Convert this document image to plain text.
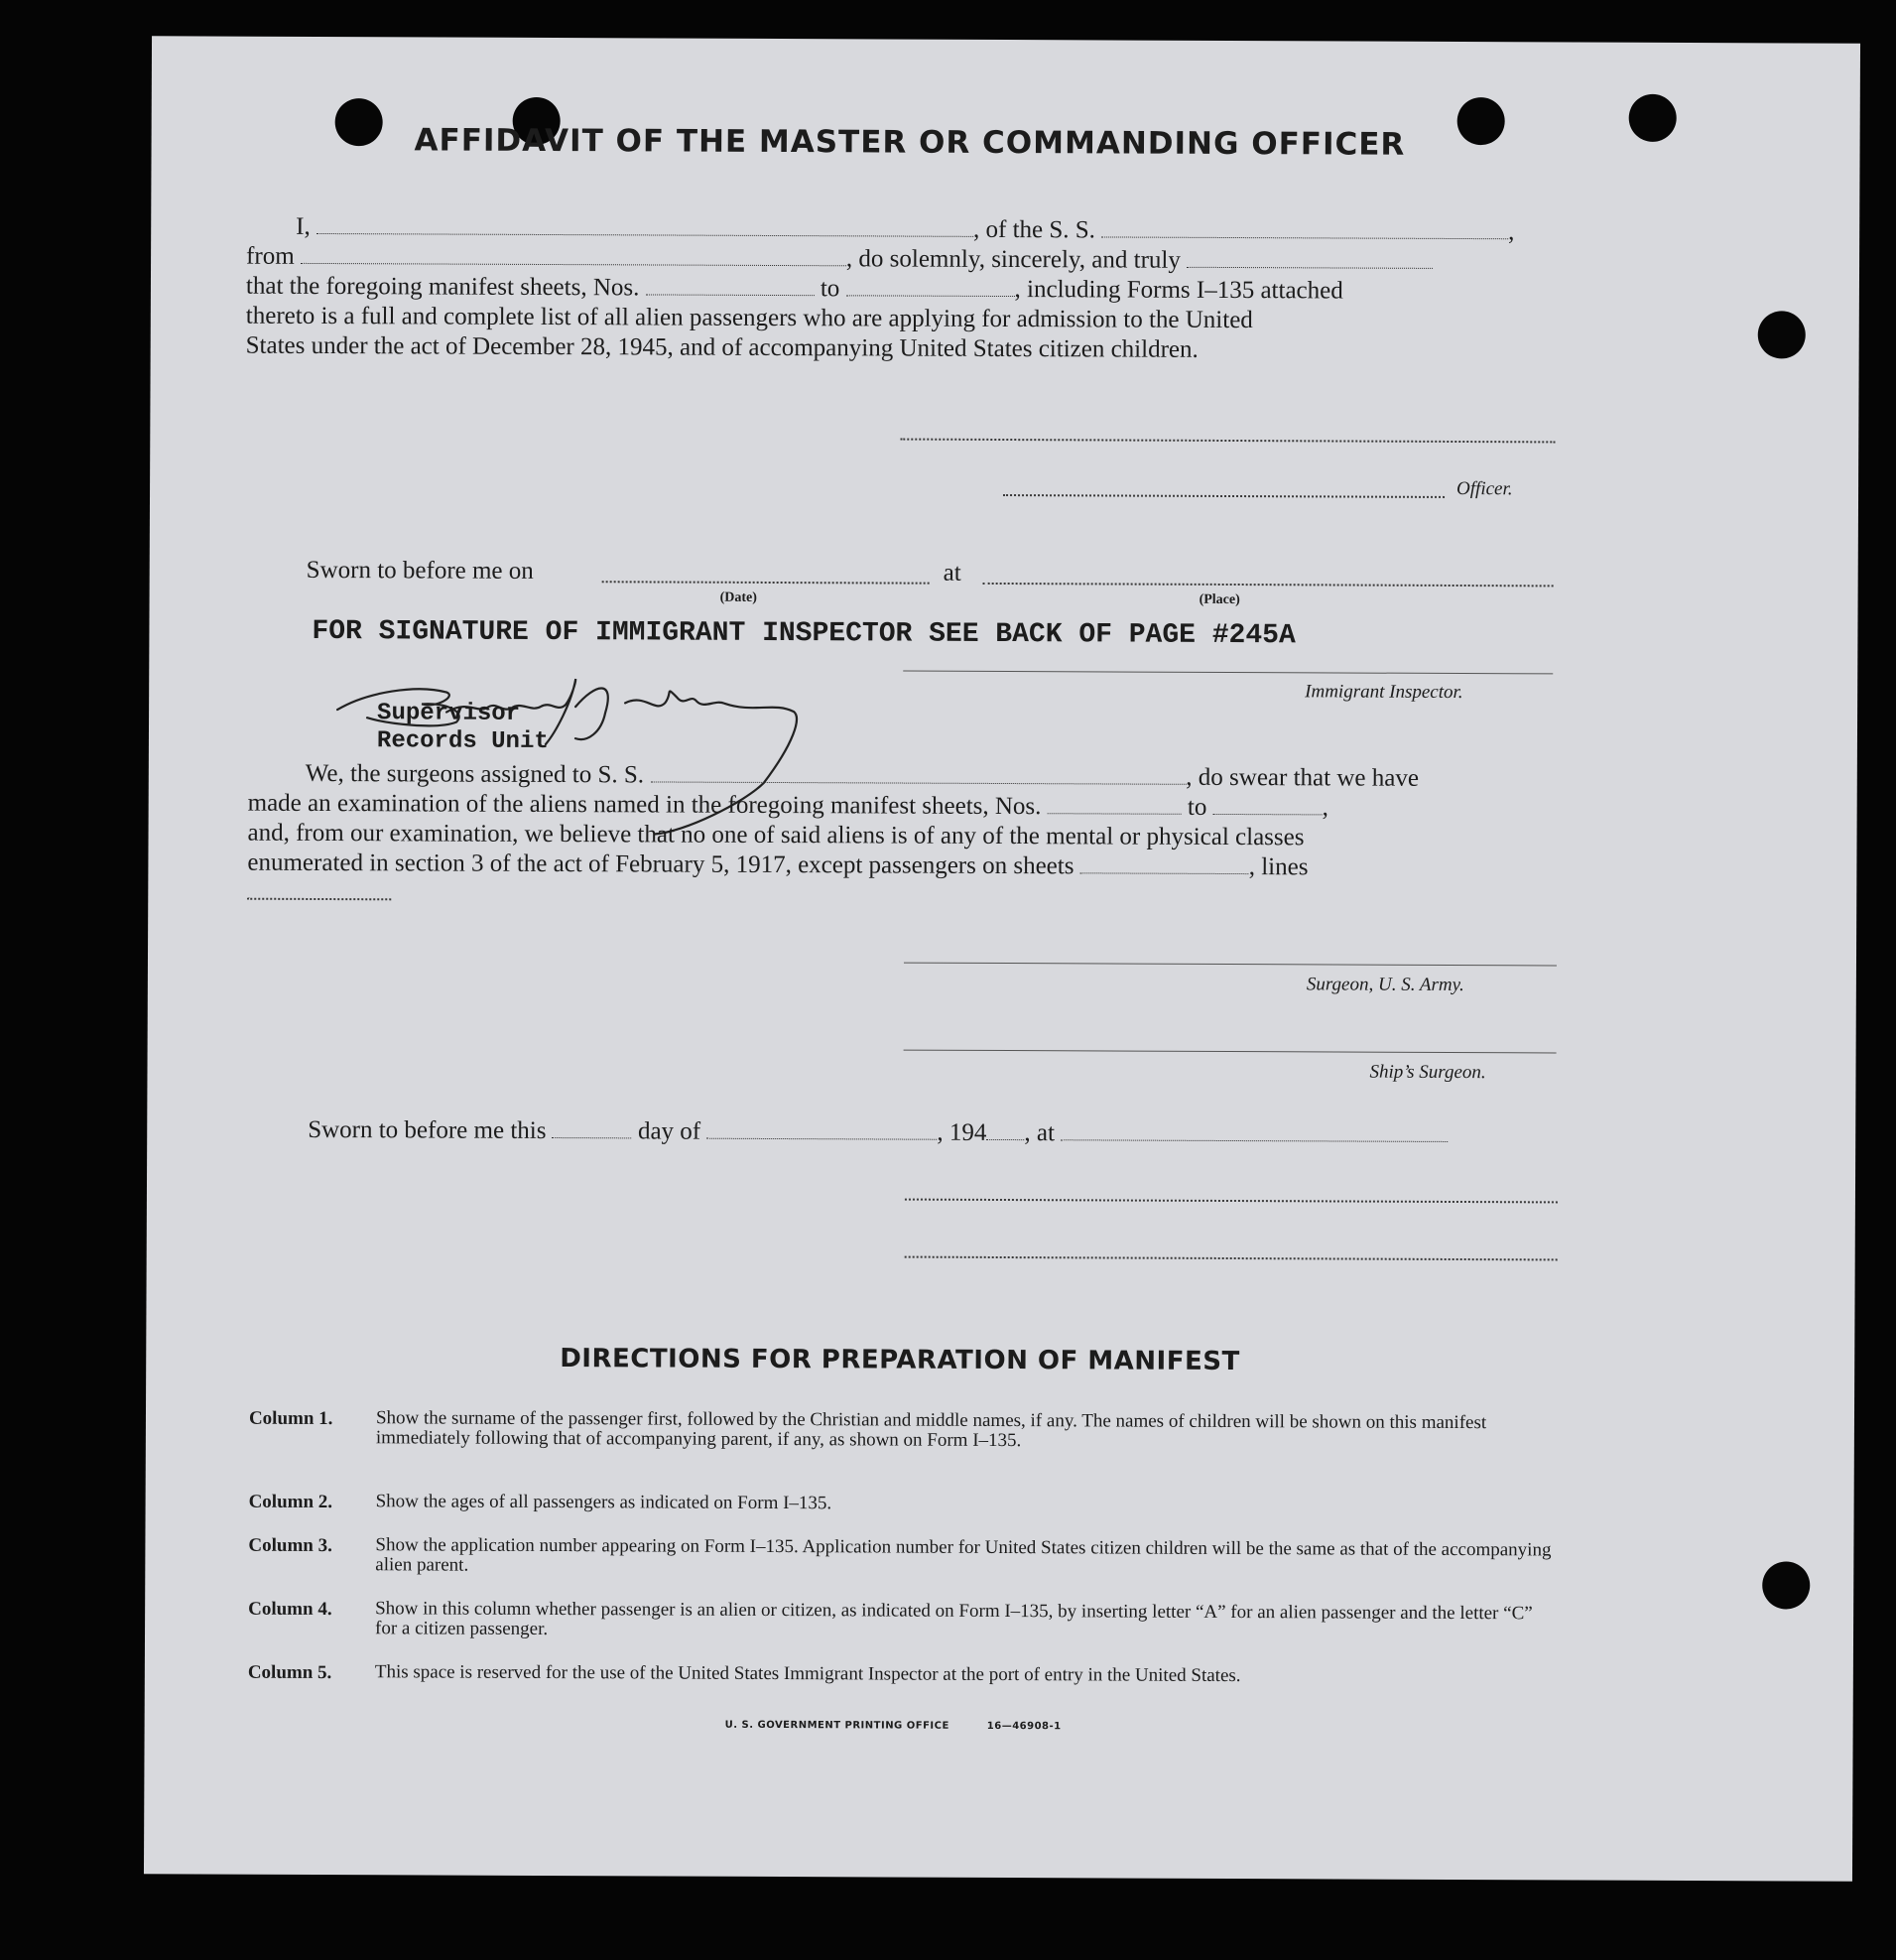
AFFIDAVIT OF THE MASTER OR COMMANDING OFFICER
I,	, of the S. S.	,
from	, do solemnly, sincerely, and truly
that the foregoing manifest sheets, Nos.	to	, including Forms I–135 attached
thereto is a full and complete list of all alien passengers who are applying for admission to the United
States under the act of December 28, 1945, and of accompanying United States citizen children.
Officer.
Sworn to before me on	at
(Date)	(Place)
FOR SIGNATURE OF IMMIGRANT INSPECTOR SEE BACK OF PAGE #245A
Immigrant Inspector.
Supervisor
Records Unit
We, the surgeons assigned to S. S.	, do swear that we have
made an examination of the aliens named in the foregoing manifest sheets, Nos.	to	,
and, from our examination, we believe that no one of said aliens is of any of the mental or physical classes
enumerated in section 3 of the act of February 5, 1917, except passengers on sheets	, lines
Surgeon, U. S. Army.
Ship’s Surgeon.
Sworn to before me this	day of	, 194 , at
DIRECTIONS FOR PREPARATION OF MANIFEST
Column 1. Show the surname of the passenger first, followed by the Christian and middle names, if any. The names of children will be shown on this manifest immediately following that of accompanying parent, if any, as shown on Form I–135.
Column 2. Show the ages of all passengers as indicated on Form I–135.
Column 3. Show the application number appearing on Form I–135. Application number for United States citizen children will be the same as that of the accompanying alien parent.
Column 4. Show in this column whether passenger is an alien or citizen, as indicated on Form I–135, by inserting letter “A” for an alien passenger and the letter “C” for a citizen passenger.
Column 5. This space is reserved for the use of the United States Immigrant Inspector at the port of entry in the United States.
U. S. GOVERNMENT PRINTING OFFICE	16—46908-1
